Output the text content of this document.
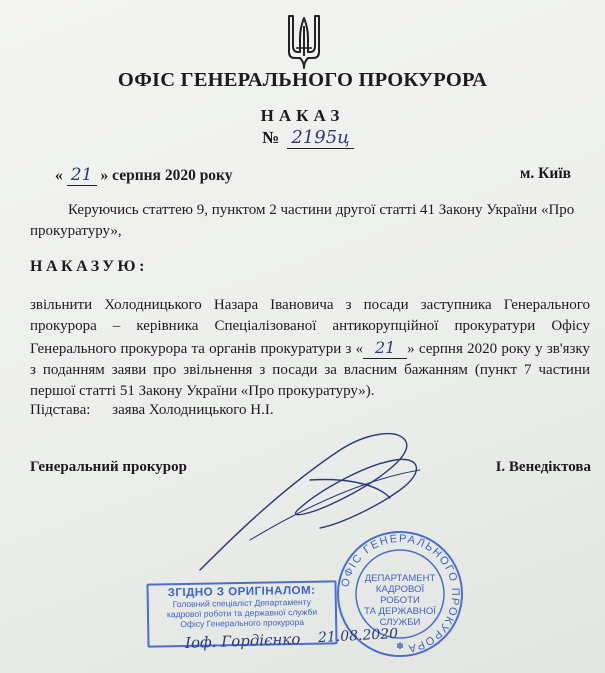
ОФІС ГЕНЕРАЛЬНОГО ПРОКУРОРА
НАКАЗ
№ 2195ц
« 21 » серпня 2020 року	м. Київ
Керуючись статтею 9, пунктом 2 частини другої статті 41 Закону України «Про прокуратуру»,
НАКАЗУЮ:
звільнити Холодницького Назара Івановича з посади заступника Генерального прокурора – керівника Спеціалізованої антикорупційної прокуратури Офісу Генерального прокурора та органів прокуратури з « 21 » серпня 2020 року у зв'язку з поданням заяви про звільнення з посади за власним бажанням (пункт 7 частини першої статті 51 Закону України «Про прокуратуру»).
Підстава: заява Холодницького Н.І.
Генеральний прокурор	І. Венедіктова
ОФІС ГЕНЕРАЛЬНОГО ПРОКУРОРА
✽
ДЕПАРТАМЕНТ
КАДРОВОЇ РОБОТИ
ТА ДЕРЖАВНОЇ
СЛУЖБИ
ЗГІДНО З ОРИГІНАЛОМ:
Головний спеціаліст Департаменту
кадрової роботи та державної служби
Офісу Генерального прокурора
Іоф. Гордієнко 21.08.2020
